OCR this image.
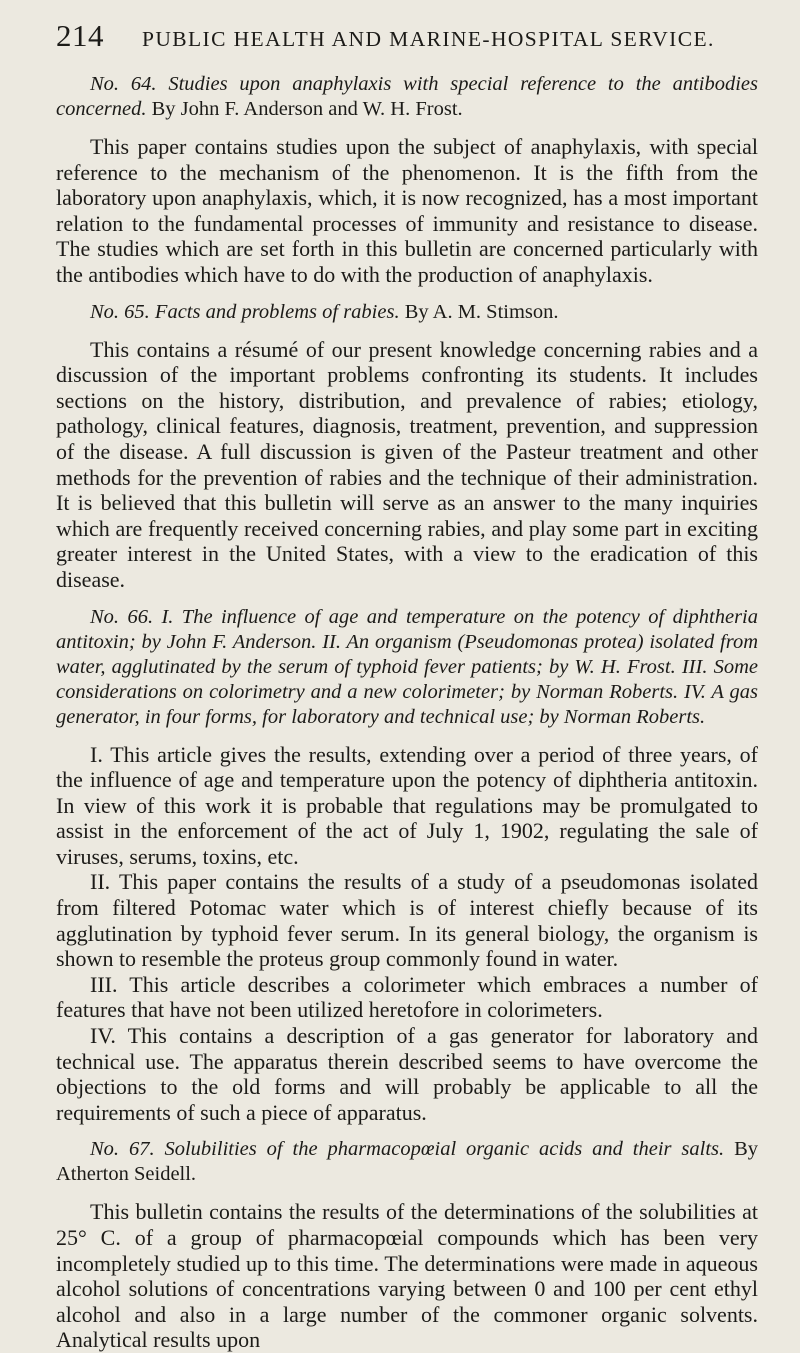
214	PUBLIC HEALTH AND MARINE-HOSPITAL SERVICE.

No. 64. Studies upon anaphylaxis with special reference to the antibodies concerned. By John F. Anderson and W. H. Frost.

This paper contains studies upon the subject of anaphylaxis, with special reference to the mechanism of the phenomenon. It is the fifth from the laboratory upon anaphylaxis, which, it is now recognized, has a most important relation to the fundamental processes of immunity and resistance to disease. The studies which are set forth in this bulletin are concerned particularly with the antibodies which have to do with the production of anaphylaxis.

No. 65. Facts and problems of rabies. By A. M. Stimson.

This contains a résumé of our present knowledge concerning rabies and a discussion of the important problems confronting its students. It includes sections on the history, distribution, and prevalence of rabies; etiology, pathology, clinical features, diagnosis, treatment, prevention, and suppression of the disease. A full discussion is given of the Pasteur treatment and other methods for the prevention of rabies and the technique of their administration. It is believed that this bulletin will serve as an answer to the many inquiries which are frequently received concerning rabies, and play some part in exciting greater interest in the United States, with a view to the eradication of this disease.

No. 66. I. The influence of age and temperature on the potency of diphtheria antitoxin; by John F. Anderson. II. An organism (Pseudomonas protea) isolated from water, agglutinated by the serum of typhoid fever patients; by W. H. Frost. III. Some considerations on colorimetry and a new colorimeter; by Norman Roberts. IV. A gas generator, in four forms, for laboratory and technical use; by Norman Roberts.

I. This article gives the results, extending over a period of three years, of the influence of age and temperature upon the potency of diphtheria antitoxin. In view of this work it is probable that regulations may be promulgated to assist in the enforcement of the act of July 1, 1902, regulating the sale of viruses, serums, toxins, etc.

II. This paper contains the results of a study of a pseudomonas isolated from filtered Potomac water which is of interest chiefly because of its agglutination by typhoid fever serum. In its general biology, the organism is shown to resemble the proteus group commonly found in water.

III. This article describes a colorimeter which embraces a number of features that have not been utilized heretofore in colorimeters.

IV. This contains a description of a gas generator for laboratory and technical use. The apparatus therein described seems to have overcome the objections to the old forms and will probably be applicable to all the requirements of such a piece of apparatus.

No. 67. Solubilities of the pharmacopœial organic acids and their salts. By Atherton Seidell.

This bulletin contains the results of the determinations of the solubilities at 25° C. of a group of pharmacopœial compounds which has been very incompletely studied up to this time. The determinations were made in aqueous alcohol solutions of concentrations varying between 0 and 100 per cent ethyl alcohol and also in a large number of the commoner organic solvents. Analytical results upon
